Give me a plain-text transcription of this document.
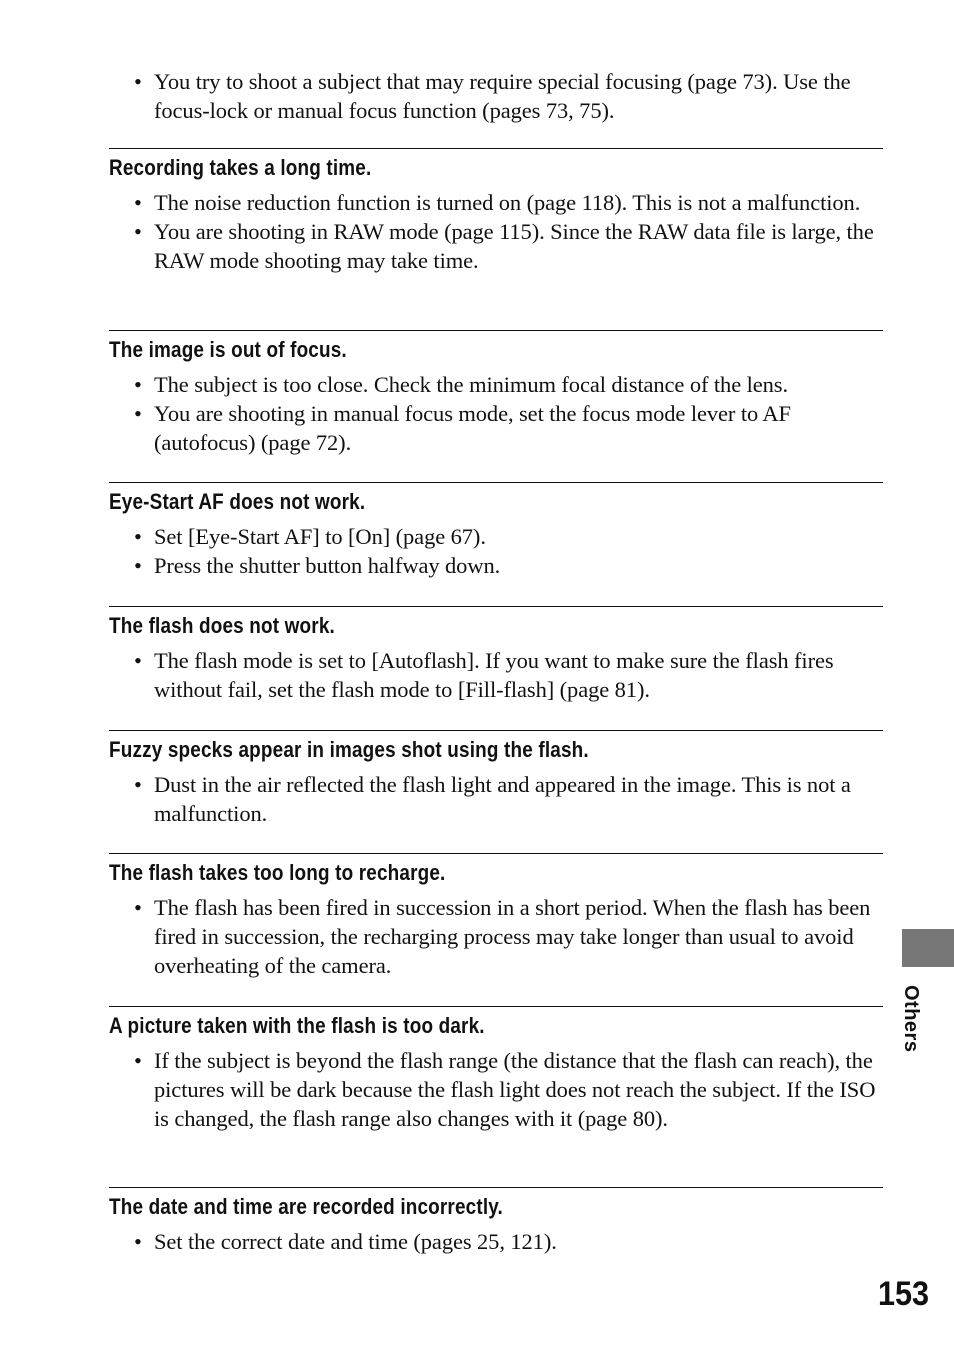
• You try to shoot a subject that may require special focusing (page 73). Use the focus-lock or manual focus function (pages 73, 75).
Recording takes a long time.
• The noise reduction function is turned on (page 118). This is not a malfunction.
• You are shooting in RAW mode (page 115). Since the RAW data file is large, the RAW mode shooting may take time.
The image is out of focus.
• The subject is too close. Check the minimum focal distance of the lens.
• You are shooting in manual focus mode, set the focus mode lever to AF (autofocus) (page 72).
Eye-Start AF does not work.
• Set [Eye-Start AF] to [On] (page 67).
• Press the shutter button halfway down.
The flash does not work.
• The flash mode is set to [Autoflash]. If you want to make sure the flash fires without fail, set the flash mode to [Fill-flash] (page 81).
Fuzzy specks appear in images shot using the flash.
• Dust in the air reflected the flash light and appeared in the image. This is not a malfunction.
The flash takes too long to recharge.
• The flash has been fired in succession in a short period. When the flash has been fired in succession, the recharging process may take longer than usual to avoid overheating of the camera.
A picture taken with the flash is too dark.
• If the subject is beyond the flash range (the distance that the flash can reach), the pictures will be dark because the flash light does not reach the subject. If the ISO is changed, the flash range also changes with it (page 80).
The date and time are recorded incorrectly.
• Set the correct date and time (pages 25, 121).
Others
153
